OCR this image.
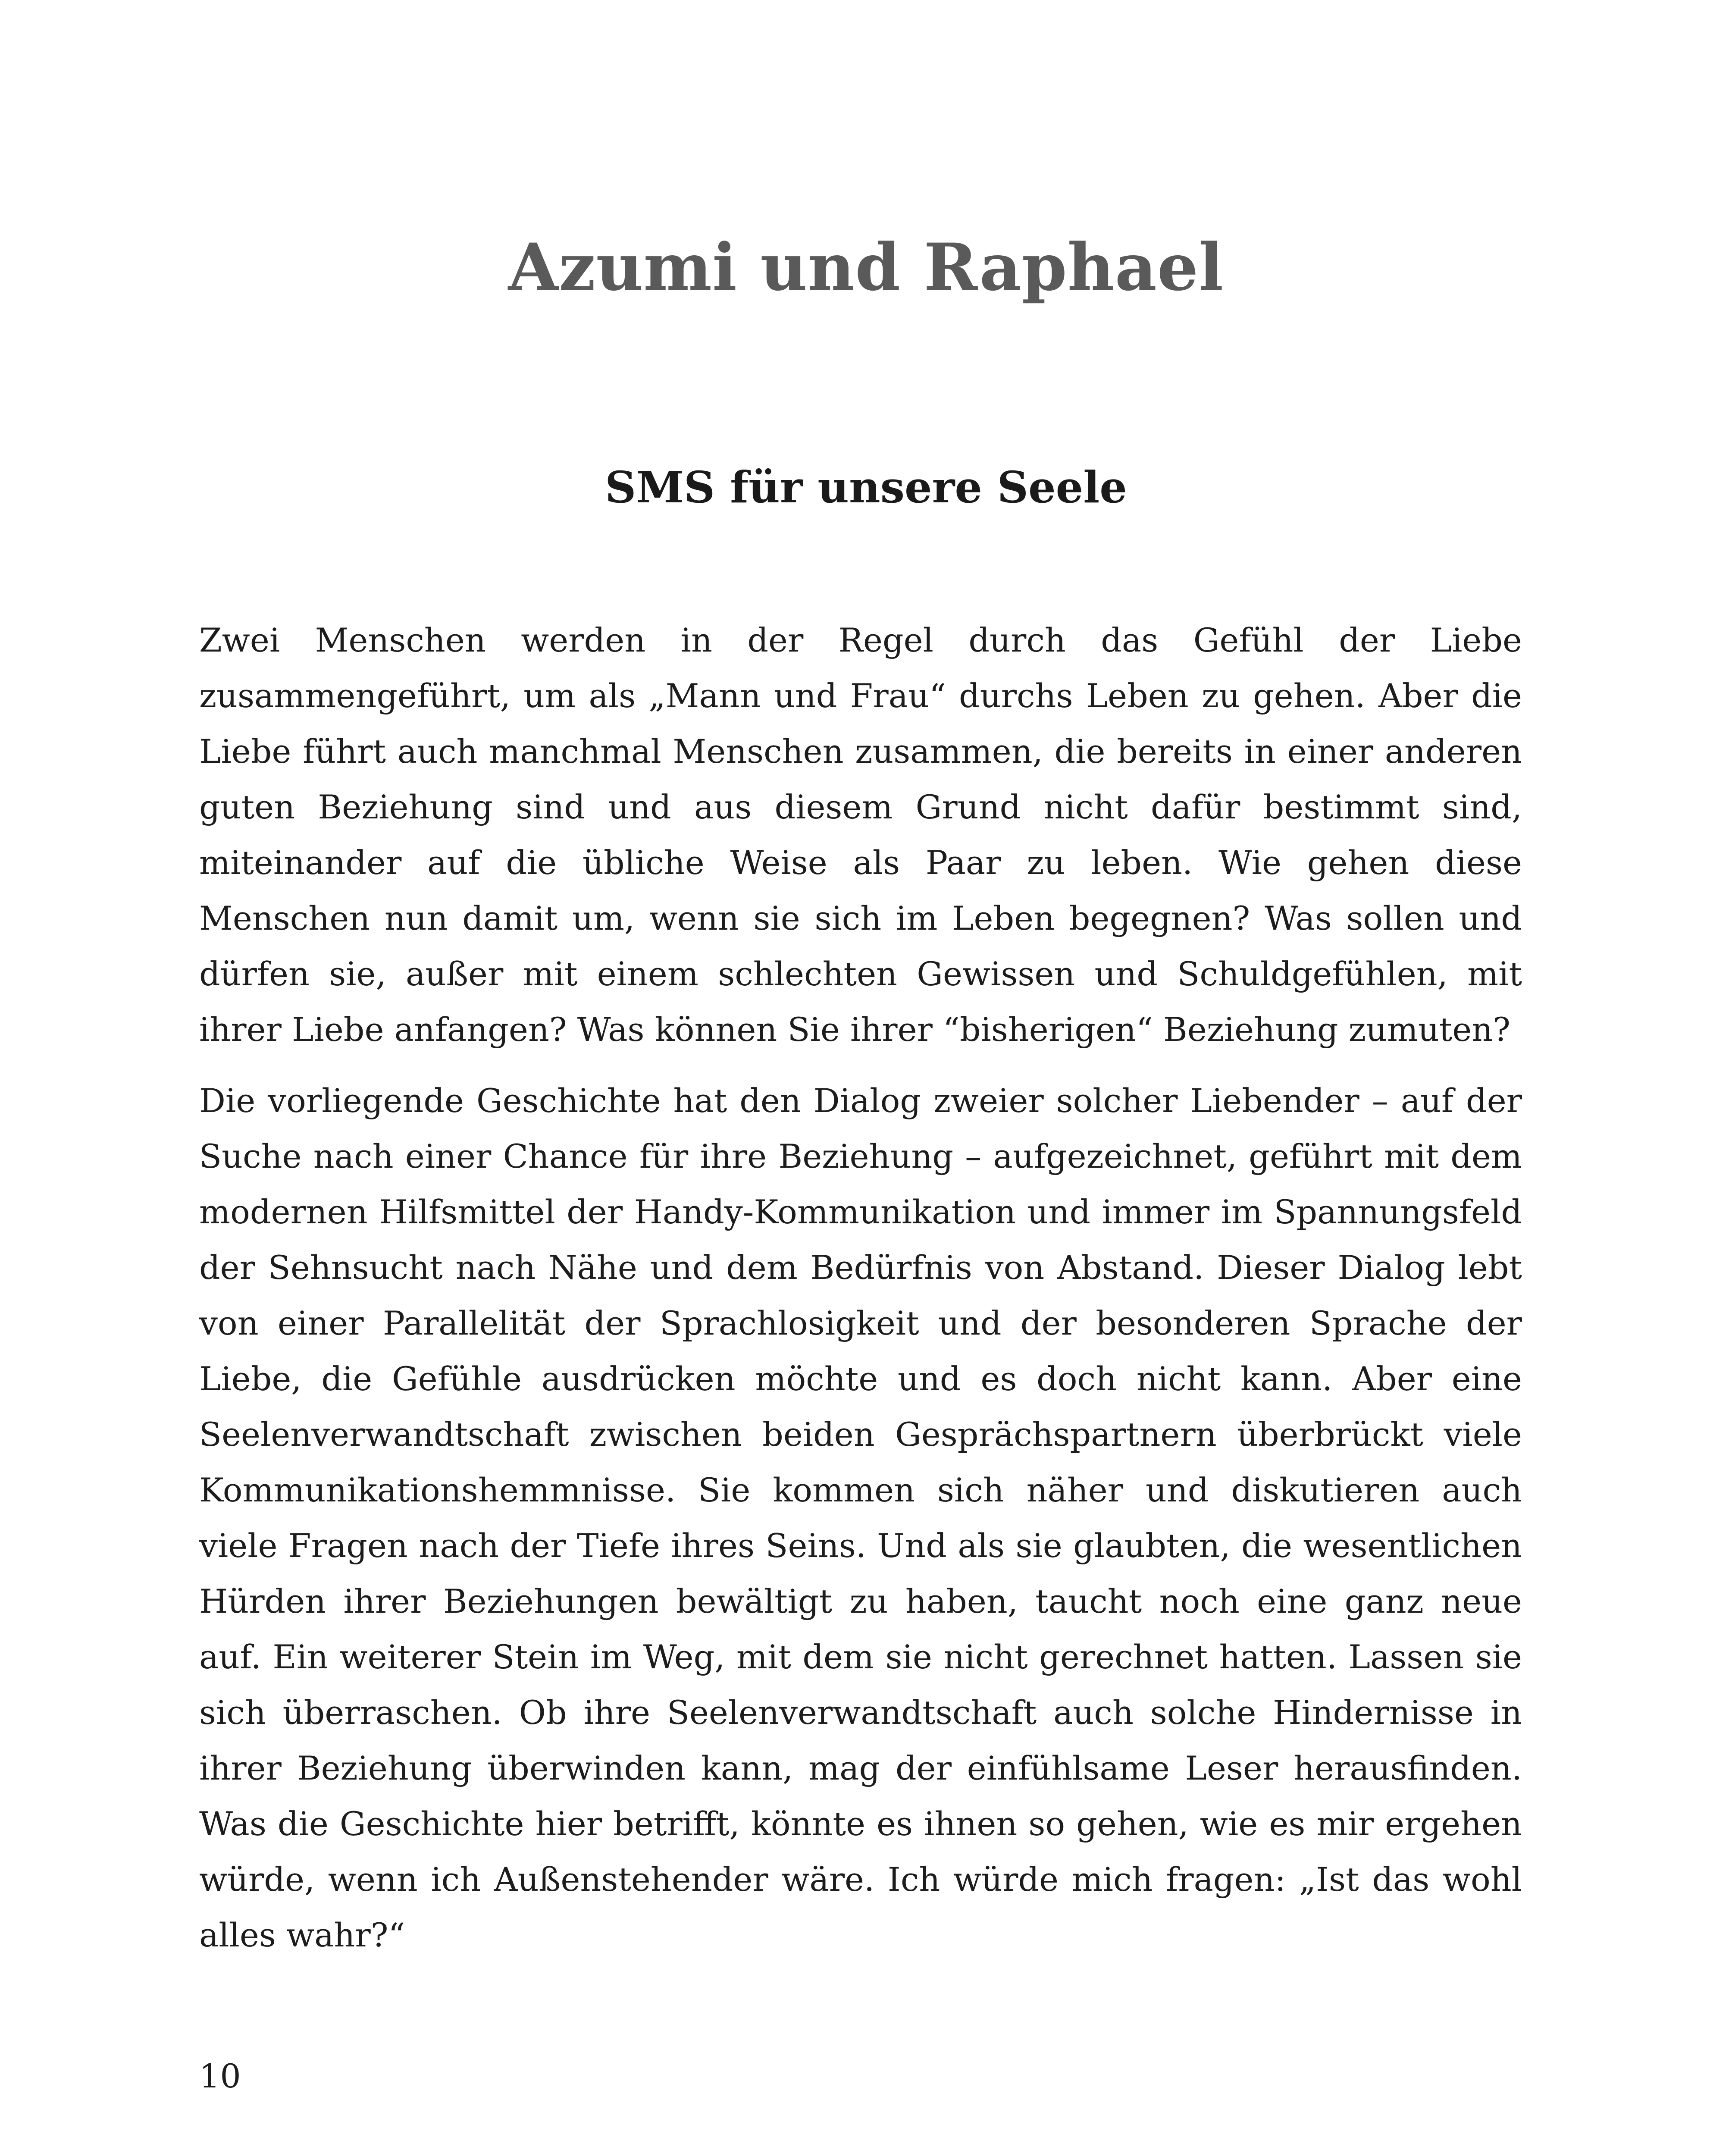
Azumi und Raphael
SMS für unsere Seele

Zwei Menschen werden in der Regel durch das Gefühl der Liebe zusammengeführt, um als „Mann und Frau“ durchs Leben zu gehen. Aber die Liebe führt auch manchmal Menschen zusammen, die bereits in einer anderen guten Beziehung sind und aus diesem Grund nicht dafür bestimmt sind, miteinander auf die übliche Weise als Paar zu leben. Wie gehen diese Menschen nun damit um, wenn sie sich im Leben begegnen? Was sollen und dürfen sie, außer mit einem schlechten Gewissen und Schuldgefühlen, mit ihrer Liebe anfangen? Was können Sie ihrer “bisherigen“ Beziehung zumuten?

Die vorliegende Geschichte hat den Dialog zweier solcher Liebender – auf der Suche nach einer Chance für ihre Beziehung – aufgezeichnet, geführt mit dem modernen Hilfsmittel der Handy-Kommunikation und immer im Spannungsfeld der Sehnsucht nach Nähe und dem Bedürfnis von Abstand. Dieser Dialog lebt von einer Parallelität der Sprachlosigkeit und der besonderen Sprache der Liebe, die Gefühle ausdrücken möchte und es doch nicht kann. Aber eine Seelenverwandtschaft zwischen beiden Gesprächspartnern überbrückt viele Kommunikationshemmnisse. Sie kommen sich näher und diskutieren auch viele Fragen nach der Tiefe ihres Seins. Und als sie glaubten, die wesentlichen Hürden ihrer Beziehungen bewältigt zu haben, taucht noch eine ganz neue auf. Ein weiterer Stein im Weg, mit dem sie nicht gerechnet hatten. Lassen sie sich überraschen. Ob ihre Seelenverwandtschaft auch solche Hindernisse in ihrer Beziehung überwinden kann, mag der einfühlsame Leser herausfinden. Was die Geschichte hier betrifft, könnte es ihnen so gehen, wie es mir ergehen würde, wenn ich Außenstehender wäre. Ich würde mich fragen: „Ist das wohl alles wahr?“

10
